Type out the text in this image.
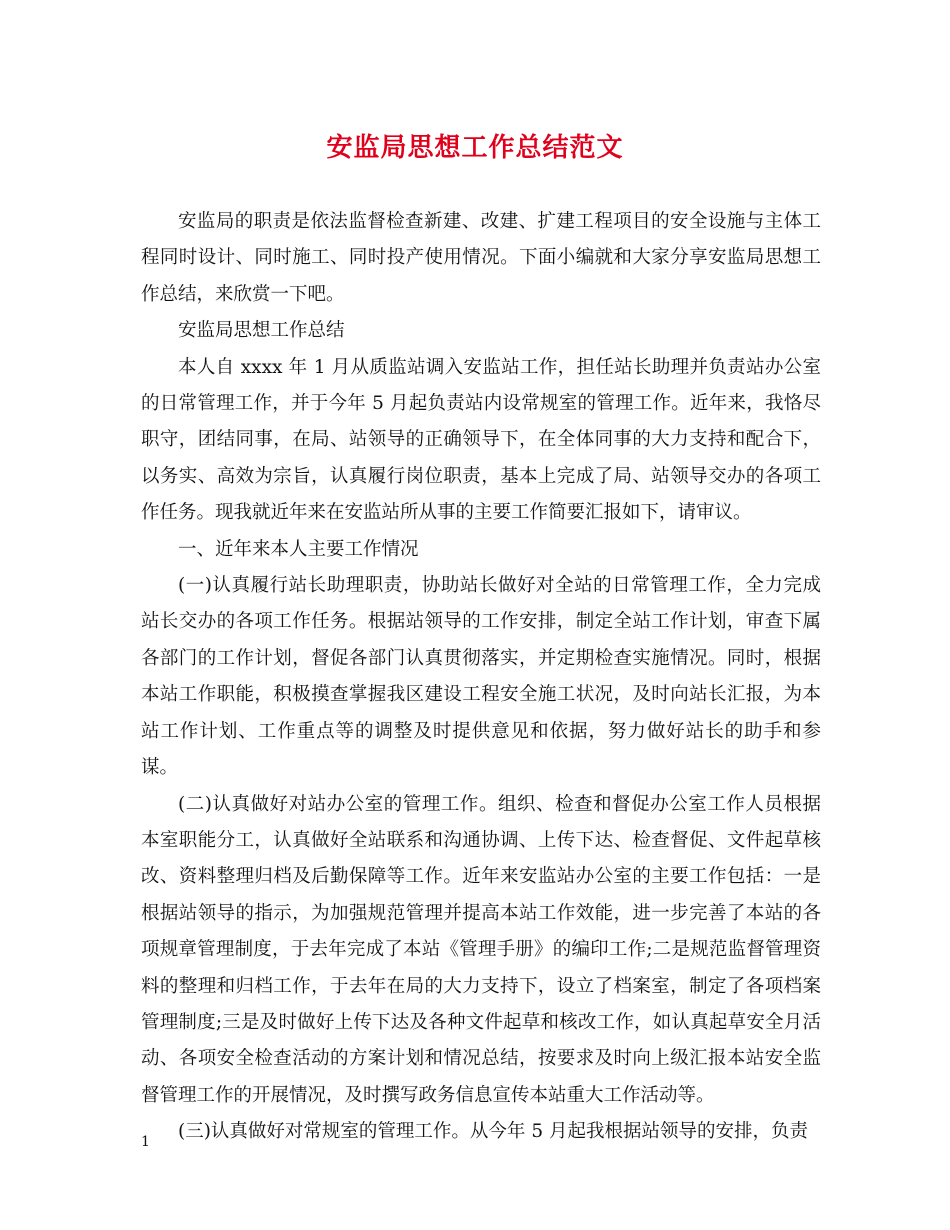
安监局思想工作总结范文

安监局的职责是依法监督检查新建、改建、扩建工程项目的安全设施与主体工程同时设计、同时施工、同时投产使用情况。下面小编就和大家分享安监局思想工作总结，来欣赏一下吧。

安监局思想工作总结

本人自 xxxx 年 1 月从质监站调入安监站工作，担任站长助理并负责站办公室的日常管理工作，并于今年 5 月起负责站内设常规室的管理工作。近年来，我恪尽职守，团结同事，在局、站领导的正确领导下，在全体同事的大力支持和配合下，以务实、高效为宗旨，认真履行岗位职责，基本上完成了局、站领导交办的各项工作任务。现我就近年来在安监站所从事的主要工作简要汇报如下，请审议。

一、近年来本人主要工作情况

(一)认真履行站长助理职责，协助站长做好对全站的日常管理工作，全力完成站长交办的各项工作任务。根据站领导的工作安排，制定全站工作计划，审查下属各部门的工作计划，督促各部门认真贯彻落实，并定期检查实施情况。同时，根据本站工作职能，积极摸查掌握我区建设工程安全施工状况，及时向站长汇报，为本站工作计划、工作重点等的调整及时提供意见和依据，努力做好站长的助手和参谋。

(二)认真做好对站办公室的管理工作。组织、检查和督促办公室工作人员根据本室职能分工，认真做好全站联系和沟通协调、上传下达、检查督促、文件起草核改、资料整理归档及后勤保障等工作。近年来安监站办公室的主要工作包括：一是根据站领导的指示，为加强规范管理并提高本站工作效能，进一步完善了本站的各项规章管理制度，于去年完成了本站《管理手册》的编印工作;二是规范监督管理资料的整理和归档工作，于去年在局的大力支持下，设立了档案室，制定了各项档案管理制度;三是及时做好上传下达及各种文件起草和核改工作，如认真起草安全月活动、各项安全检查活动的方案计划和情况总结，按要求及时向上级汇报本站安全监督管理工作的开展情况，及时撰写政务信息宣传本站重大工作活动等。

(三)认真做好对常规室的管理工作。从今年 5 月起我根据站领导的安排，负责

1
